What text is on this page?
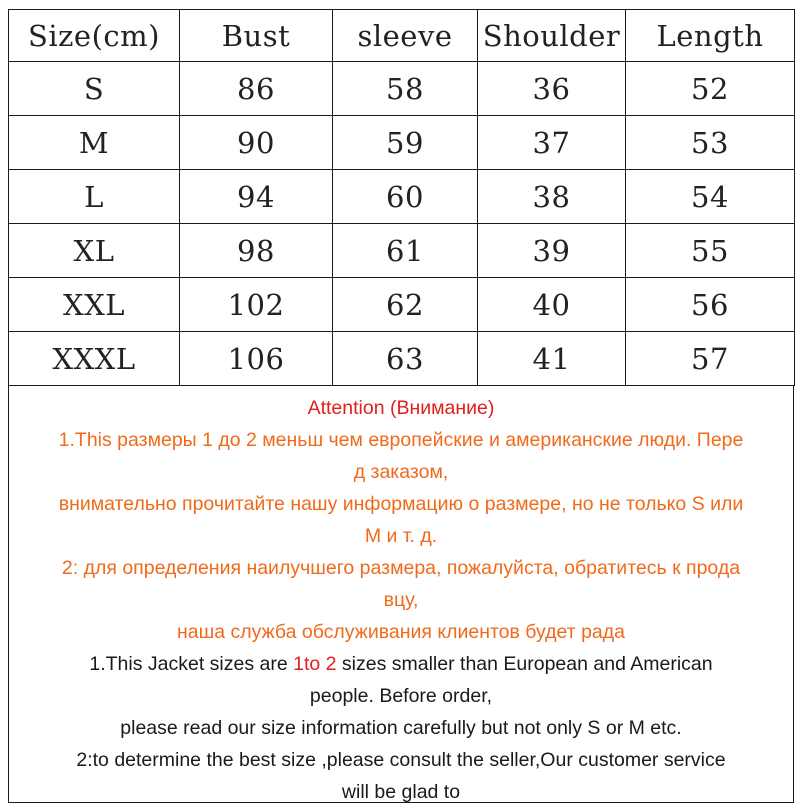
Size(cm)	Bust	sleeve	Shoulder	Length
S	86	58	36	52
M	90	59	37	53
L	94	60	38	54
XL	98	61	39	55
XXL	102	62	40	56
XXXL	106	63	41	57
Attention (Внимание)
1.This размеры 1 до 2 меньш чем европейские и американские люди. Пере
д заказом,
внимательно прочитайте нашу информацию о размере, но не только S или
M и т. д.
2: для определения наилучшего размера, пожалуйста, обратитесь к прода
вцу,
наша служба обслуживания клиентов будет рада
1.This Jacket sizes are 1to 2 sizes smaller than European and American
people. Before order,
please read our size information carefully but not only S or M etc.
2:to determine the best size ,please consult the seller,Our customer service
will be glad to
